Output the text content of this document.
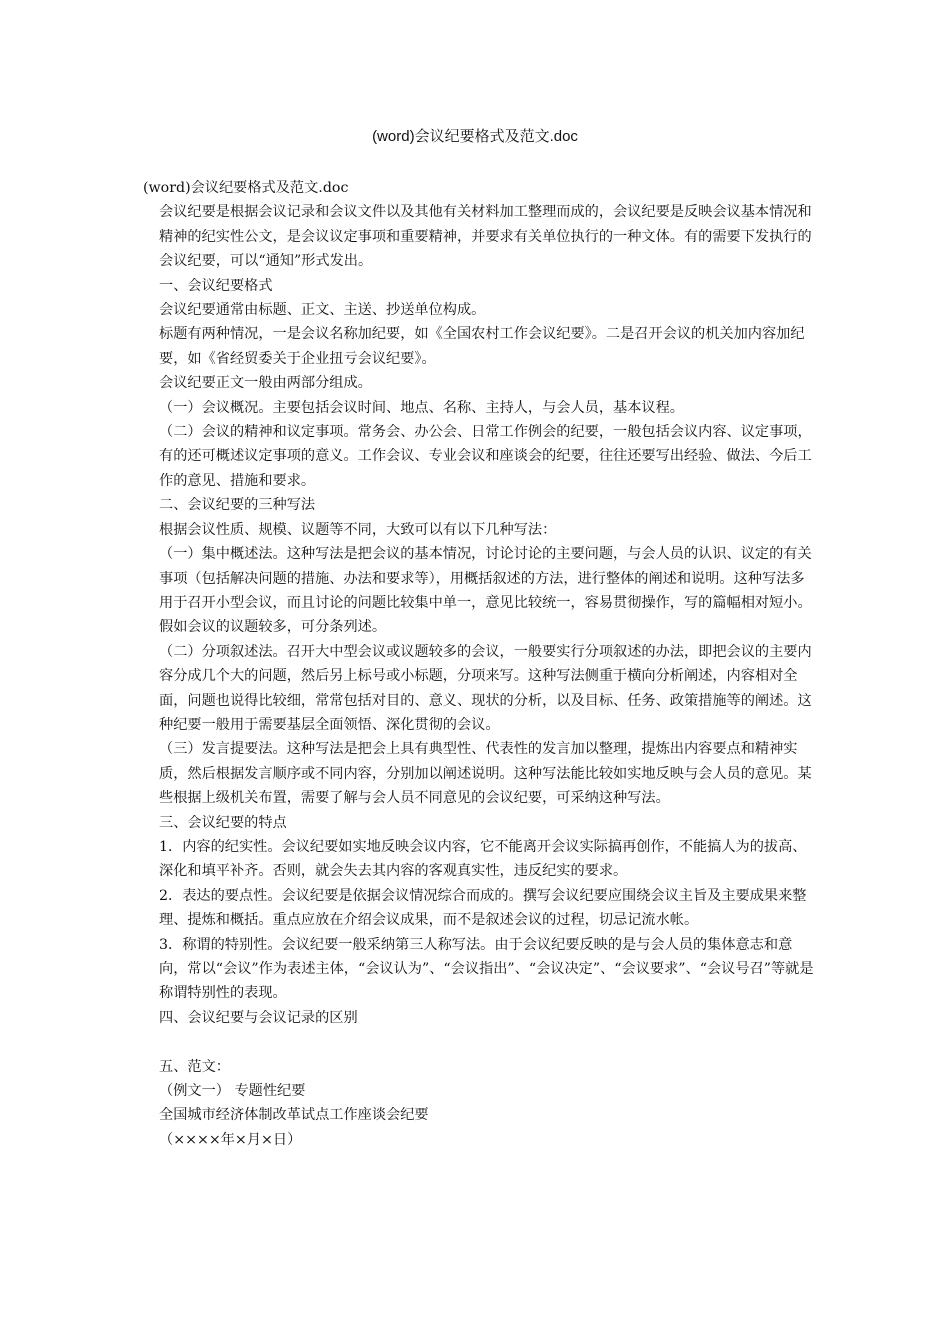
(word)会议纪要格式及范文.doc

(word)会议纪要格式及范文.doc

会议纪要是根据会议记录和会议文件以及其他有关材料加工整理而成的，会议纪要是反映会议基本情况和精神的纪实性公文，是会议议定事项和重要精神，并要求有关单位执行的一种文体。有的需要下发执行的会议纪要，可以“通知”形式发出。

一、会议纪要格式

会议纪要通常由标题、正文、主送、抄送单位构成。

标题有两种情况，一是会议名称加纪要，如《全国农村工作会议纪要》。二是召开会议的机关加内容加纪要，如《省经贸委关于企业扭亏会议纪要》。

会议纪要正文一般由两部分组成。

（一）会议概况。主要包括会议时间、地点、名称、主持人，与会人员，基本议程。

（二）会议的精神和议定事项。常务会、办公会、日常工作例会的纪要，一般包括会议内容、议定事项，有的还可概述议定事项的意义。工作会议、专业会议和座谈会的纪要，往往还要写出经验、做法、今后工作的意见、措施和要求。

二、会议纪要的三种写法

根据会议性质、规模、议题等不同，大致可以有以下几种写法：

（一）集中概述法。这种写法是把会议的基本情况，讨论讨论的主要问题，与会人员的认识、议定的有关事项（包括解决问题的措施、办法和要求等），用概括叙述的方法，进行整体的阐述和说明。这种写法多用于召开小型会议，而且讨论的问题比较集中单一，意见比较统一，容易贯彻操作，写的篇幅相对短小。假如会议的议题较多，可分条列述。

（二）分项叙述法。召开大中型会议或议题较多的会议，一般要实行分项叙述的办法，即把会议的主要内容分成几个大的问题，然后另上标号或小标题，分项来写。这种写法侧重于横向分析阐述，内容相对全面，问题也说得比较细，常常包括对目的、意义、现状的分析，以及目标、任务、政策措施等的阐述。这种纪要一般用于需要基层全面领悟、深化贯彻的会议。

（三）发言提要法。这种写法是把会上具有典型性、代表性的发言加以整理，提炼出内容要点和精神实质，然后根据发言顺序或不同内容，分别加以阐述说明。这种写法能比较如实地反映与会人员的意见。某些根据上级机关布置，需要了解与会人员不同意见的会议纪要，可采纳这种写法。

三、会议纪要的特点

1．内容的纪实性。会议纪要如实地反映会议内容，它不能离开会议实际搞再创作，不能搞人为的拔高、深化和填平补齐。否则，就会失去其内容的客观真实性，违反纪实的要求。

2．表达的要点性。会议纪要是依据会议情况综合而成的。撰写会议纪要应围绕会议主旨及主要成果来整理、提炼和概括。重点应放在介绍会议成果，而不是叙述会议的过程，切忌记流水帐。

3．称谓的特别性。会议纪要一般采纳第三人称写法。由于会议纪要反映的是与会人员的集体意志和意向，常以“会议”作为表述主体，“会议认为”、“会议指出”、“会议决定”、“会议要求”、“会议号召”等就是称谓特别性的表现。

四、会议纪要与会议记录的区别

五、范文：

（例文一） 专题性纪要

全国城市经济体制改革试点工作座谈会纪要

（××××年×月×日）
